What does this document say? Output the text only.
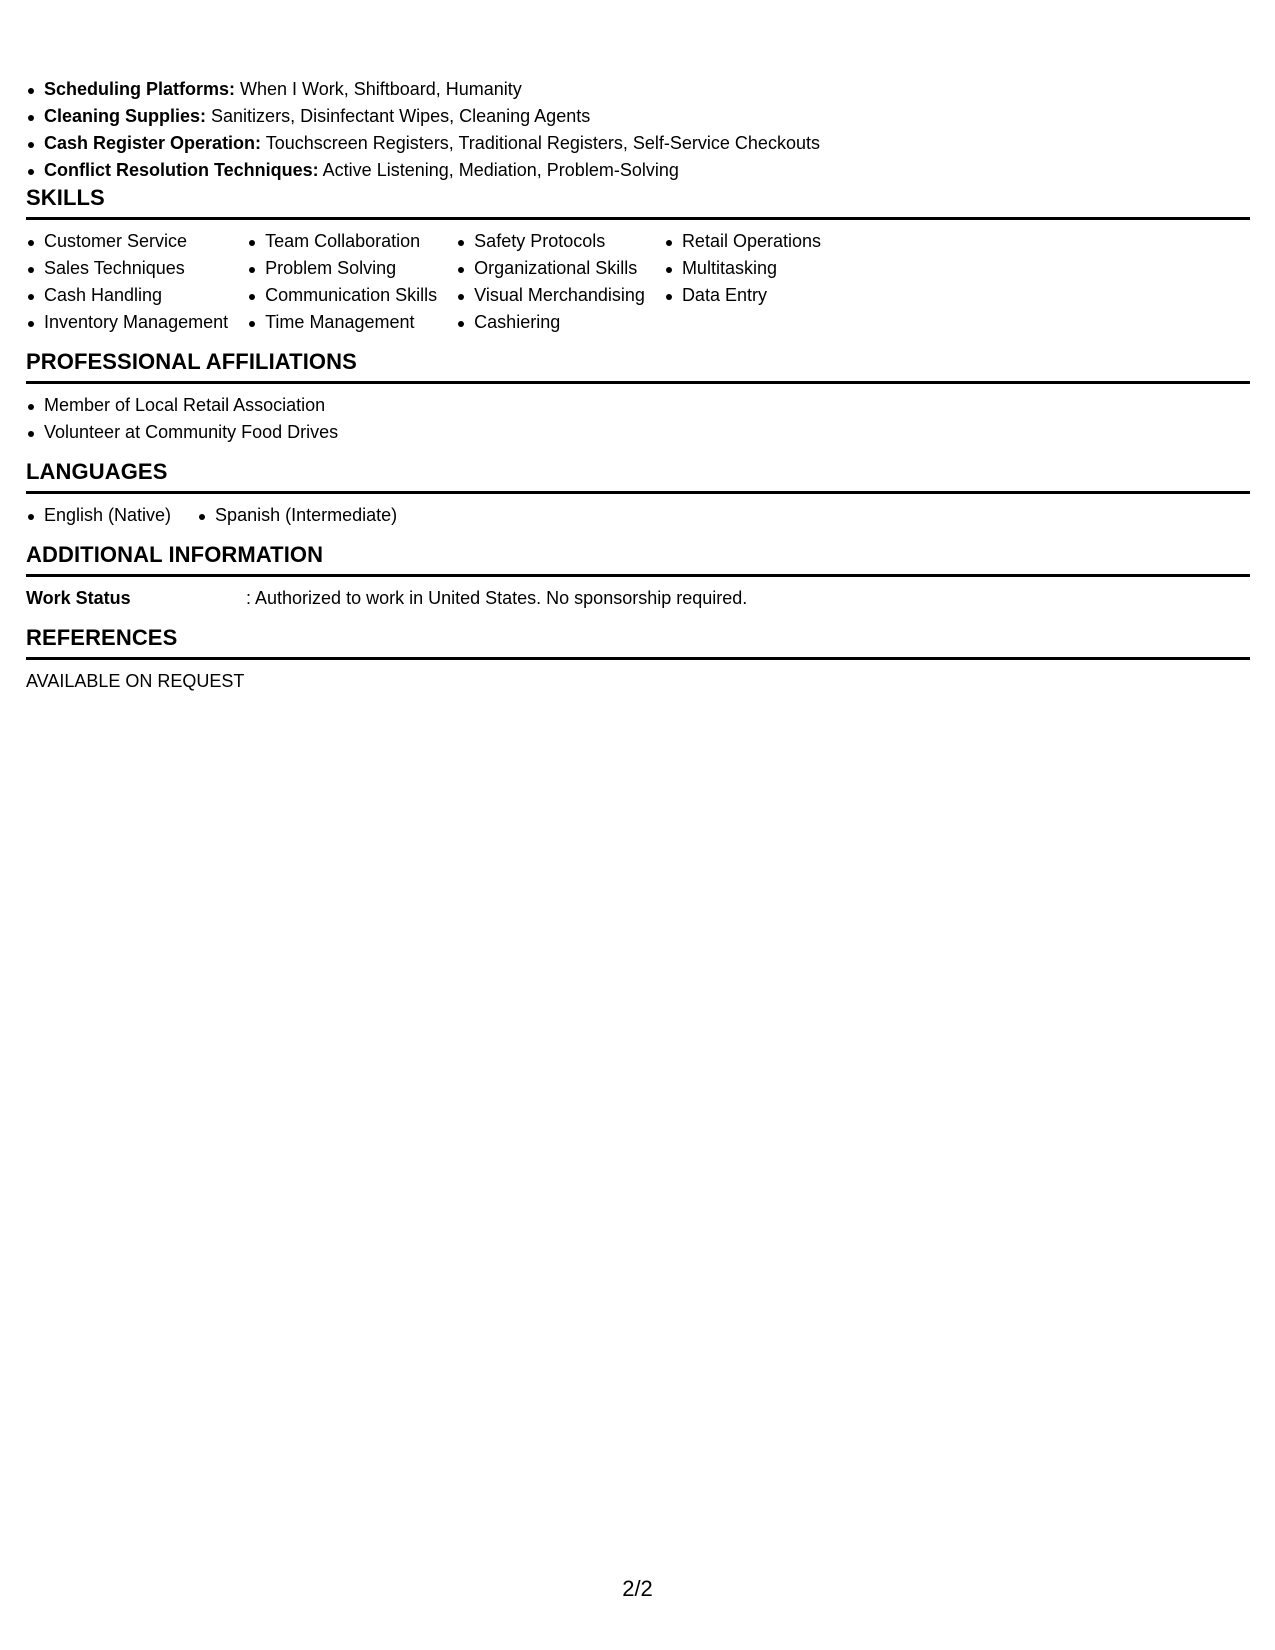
Scheduling Platforms: When I Work, Shiftboard, Humanity
Cleaning Supplies: Sanitizers, Disinfectant Wipes, Cleaning Agents
Cash Register Operation: Touchscreen Registers, Traditional Registers, Self-Service Checkouts
Conflict Resolution Techniques: Active Listening, Mediation, Problem-Solving
SKILLS
Customer Service
Sales Techniques
Cash Handling
Inventory Management
Team Collaboration
Problem Solving
Communication Skills
Time Management
Safety Protocols
Organizational Skills
Visual Merchandising
Cashiering
Retail Operations
Multitasking
Data Entry
PROFESSIONAL AFFILIATIONS
Member of Local Retail Association
Volunteer at Community Food Drives
LANGUAGES
English (Native)	Spanish (Intermediate)
ADDITIONAL INFORMATION
Work Status	: Authorized to work in United States. No sponsorship required.
REFERENCES
AVAILABLE ON REQUEST
2/2
